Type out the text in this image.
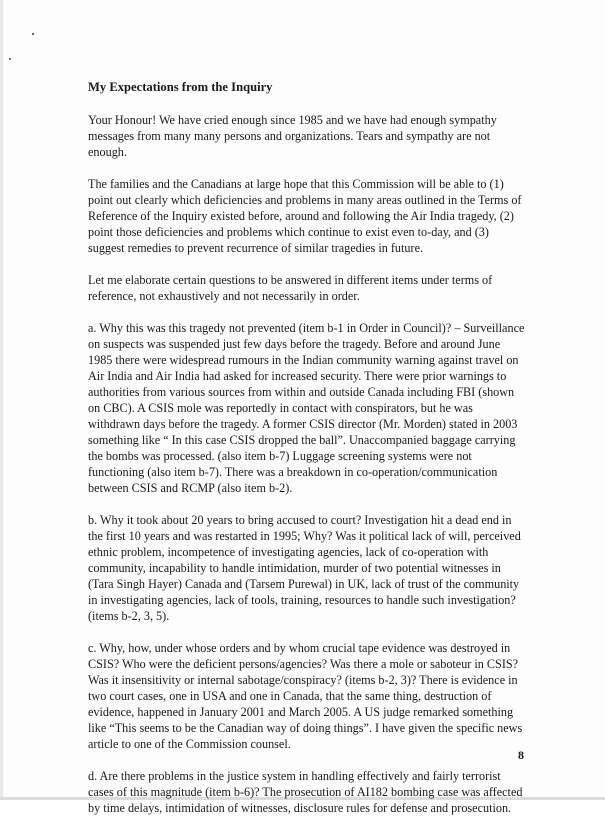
My Expectations from the Inquiry

Your Honour! We have cried enough since 1985 and we have had enough sympathy messages from many many persons and organizations. Tears and sympathy are not enough.

The families and the Canadians at large hope that this Commission will be able to (1) point out clearly which deficiencies and problems in many areas outlined in the Terms of Reference of the Inquiry existed before, around and following the Air India tragedy, (2) point those deficiencies and problems which continue to exist even to-day, and (3) suggest remedies to prevent recurrence of similar tragedies in future.

Let me elaborate certain questions to be answered in different items under terms of reference, not exhaustively and not necessarily in order.

a. Why this was this tragedy not prevented (item b-1 in Order in Council)? – Surveillance on suspects was suspended just few days before the tragedy. Before and around June 1985 there were widespread rumours in the Indian community warning against travel on Air India and Air India had asked for increased security. There were prior warnings to authorities from various sources from within and outside Canada including FBI (shown on CBC). A CSIS mole was reportedly in contact with conspirators, but he was withdrawn days before the tragedy. A former CSIS director (Mr. Morden) stated in 2003 something like “ In this case CSIS dropped the ball”. Unaccompanied baggage carrying the bombs was processed. (also item b-7) Luggage screening systems were not functioning (also item b-7). There was a breakdown in co-operation/communication between CSIS and RCMP (also item b-2).

b. Why it took about 20 years to bring accused to court? Investigation hit a dead end in the first 10 years and was restarted in 1995; Why? Was it political lack of will, perceived ethnic problem, incompetence of investigating agencies, lack of co-operation with community, incapability to handle intimidation, murder of two potential witnesses in (Tara Singh Hayer) Canada and (Tarsem Purewal) in UK, lack of trust of the community in investigating agencies, lack of tools, training, resources to handle such investigation? (items b-2, 3, 5).

c. Why, how, under whose orders and by whom crucial tape evidence was destroyed in CSIS? Who were the deficient persons/agencies? Was there a mole or saboteur in CSIS? Was it insensitivity or internal sabotage/conspiracy? (items b-2, 3)? There is evidence in two court cases, one in USA and one in Canada, that the same thing, destruction of evidence, happened in January 2001 and March 2005. A US judge remarked something like “This seems to be the Canadian way of doing things”. I have given the specific news article to one of the Commission counsel.

d. Are there problems in the justice system in handling effectively and fairly terrorist cases of this magnitude (item b-6)? The prosecution of AI182 bombing case was affected by time delays, intimidation of witnesses, disclosure rules for defense and prosecution.

8
